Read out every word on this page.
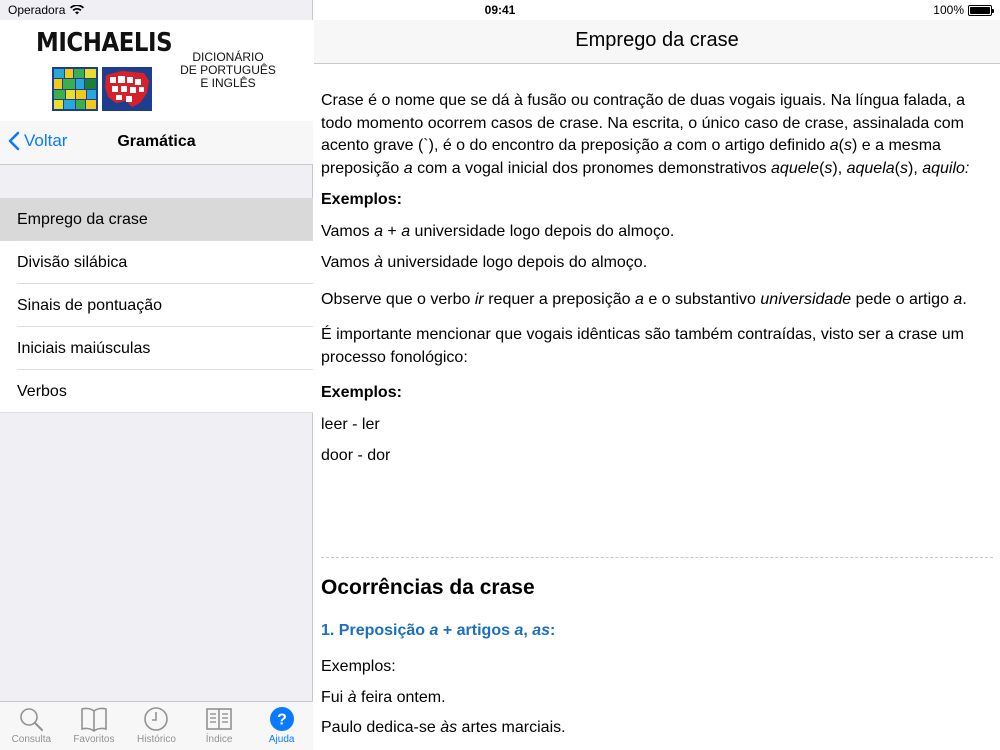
Operadora	09:41	100%
MICHAELIS	DICIONÁRIO
DE PORTUGUÊS
E INGLÊS
Voltar	Gramática
Emprego da crase
Divisão silábica
Sinais de pontuação
Iniciais maiúsculas
Verbos
Consulta Favoritos Histórico	Índice
?
Ajuda
Emprego da crase

Crase é o nome que se dá à fusão ou contração de duas vogais iguais. Na língua falada, a todo momento ocorrem casos de crase. Na escrita, o único caso de crase, assinalada com acento grave (`), é o do encontro da preposição a com o artigo definido a(s) e a mesma preposição a com a vogal inicial dos pronomes demonstrativos aquele(s), aquela(s), aquilo:

Exemplos:

Vamos a + a universidade logo depois do almoço.

Vamos à universidade logo depois do almoço.

Observe que o verbo ir requer a preposição a e o substantivo universidade pede o artigo a.

É importante mencionar que vogais idênticas são também contraídas, visto ser a crase um processo fonológico:

Exemplos:

leer - ler

door - dor

Ocorrências da crase
1. Preposição a + artigos a, as:

Exemplos:

Fui à feira ontem.

Paulo dedica-se às artes marciais.
